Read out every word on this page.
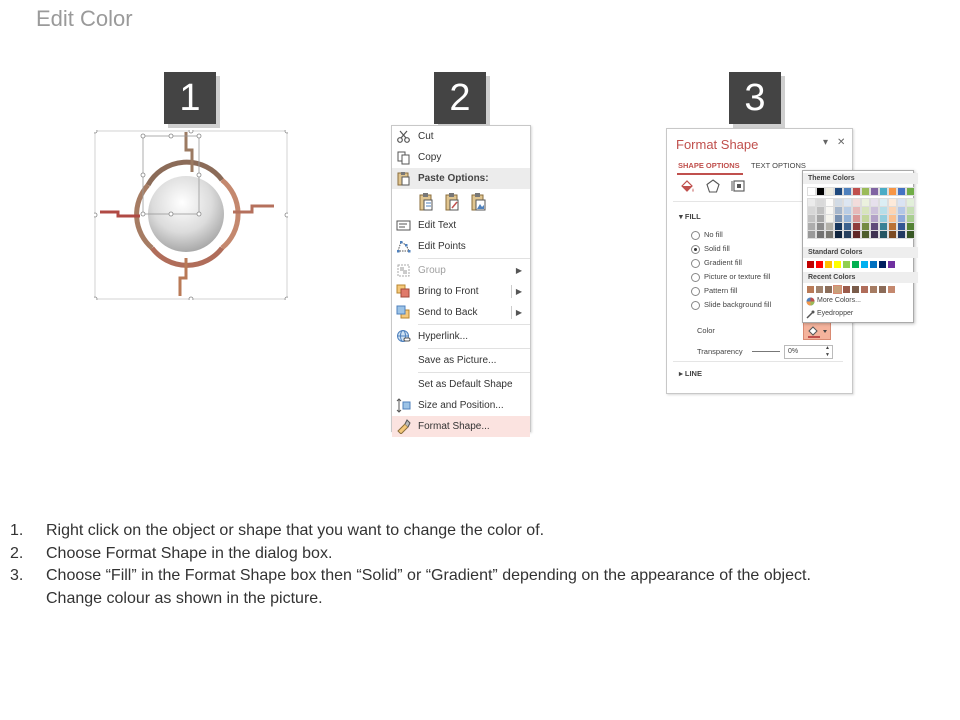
Edit Color
1	2	3
Cut
Copy
Paste Options:
Edit Text
Edit Points
Group	▶
Bring to Front	▶
Send to Back	▶
Hyperlink...
Save as Picture...
Set as Default Shape
Size and Position...
Format Shape...
Format Shape	▾ ✕
SHAPE OPTIONS TEXT OPTIONS
▾ FILL
No fill
Solid fill
Gradient fill
Picture or texture fill
Pattern fill
Slide background fill
Color
Transparency	0%	▲
▼
▸ LINE
Theme Colors
Standard Colors
Recent Colors
More Colors...
Eyedropper
1. Right click on the object or shape that you want to change the color of.
2. Choose Format Shape in the dialog box.
3. Choose “Fill” in the Format Shape box then “Solid” or “Gradient” depending on the appearance of the object.
Change colour as shown in the picture.
